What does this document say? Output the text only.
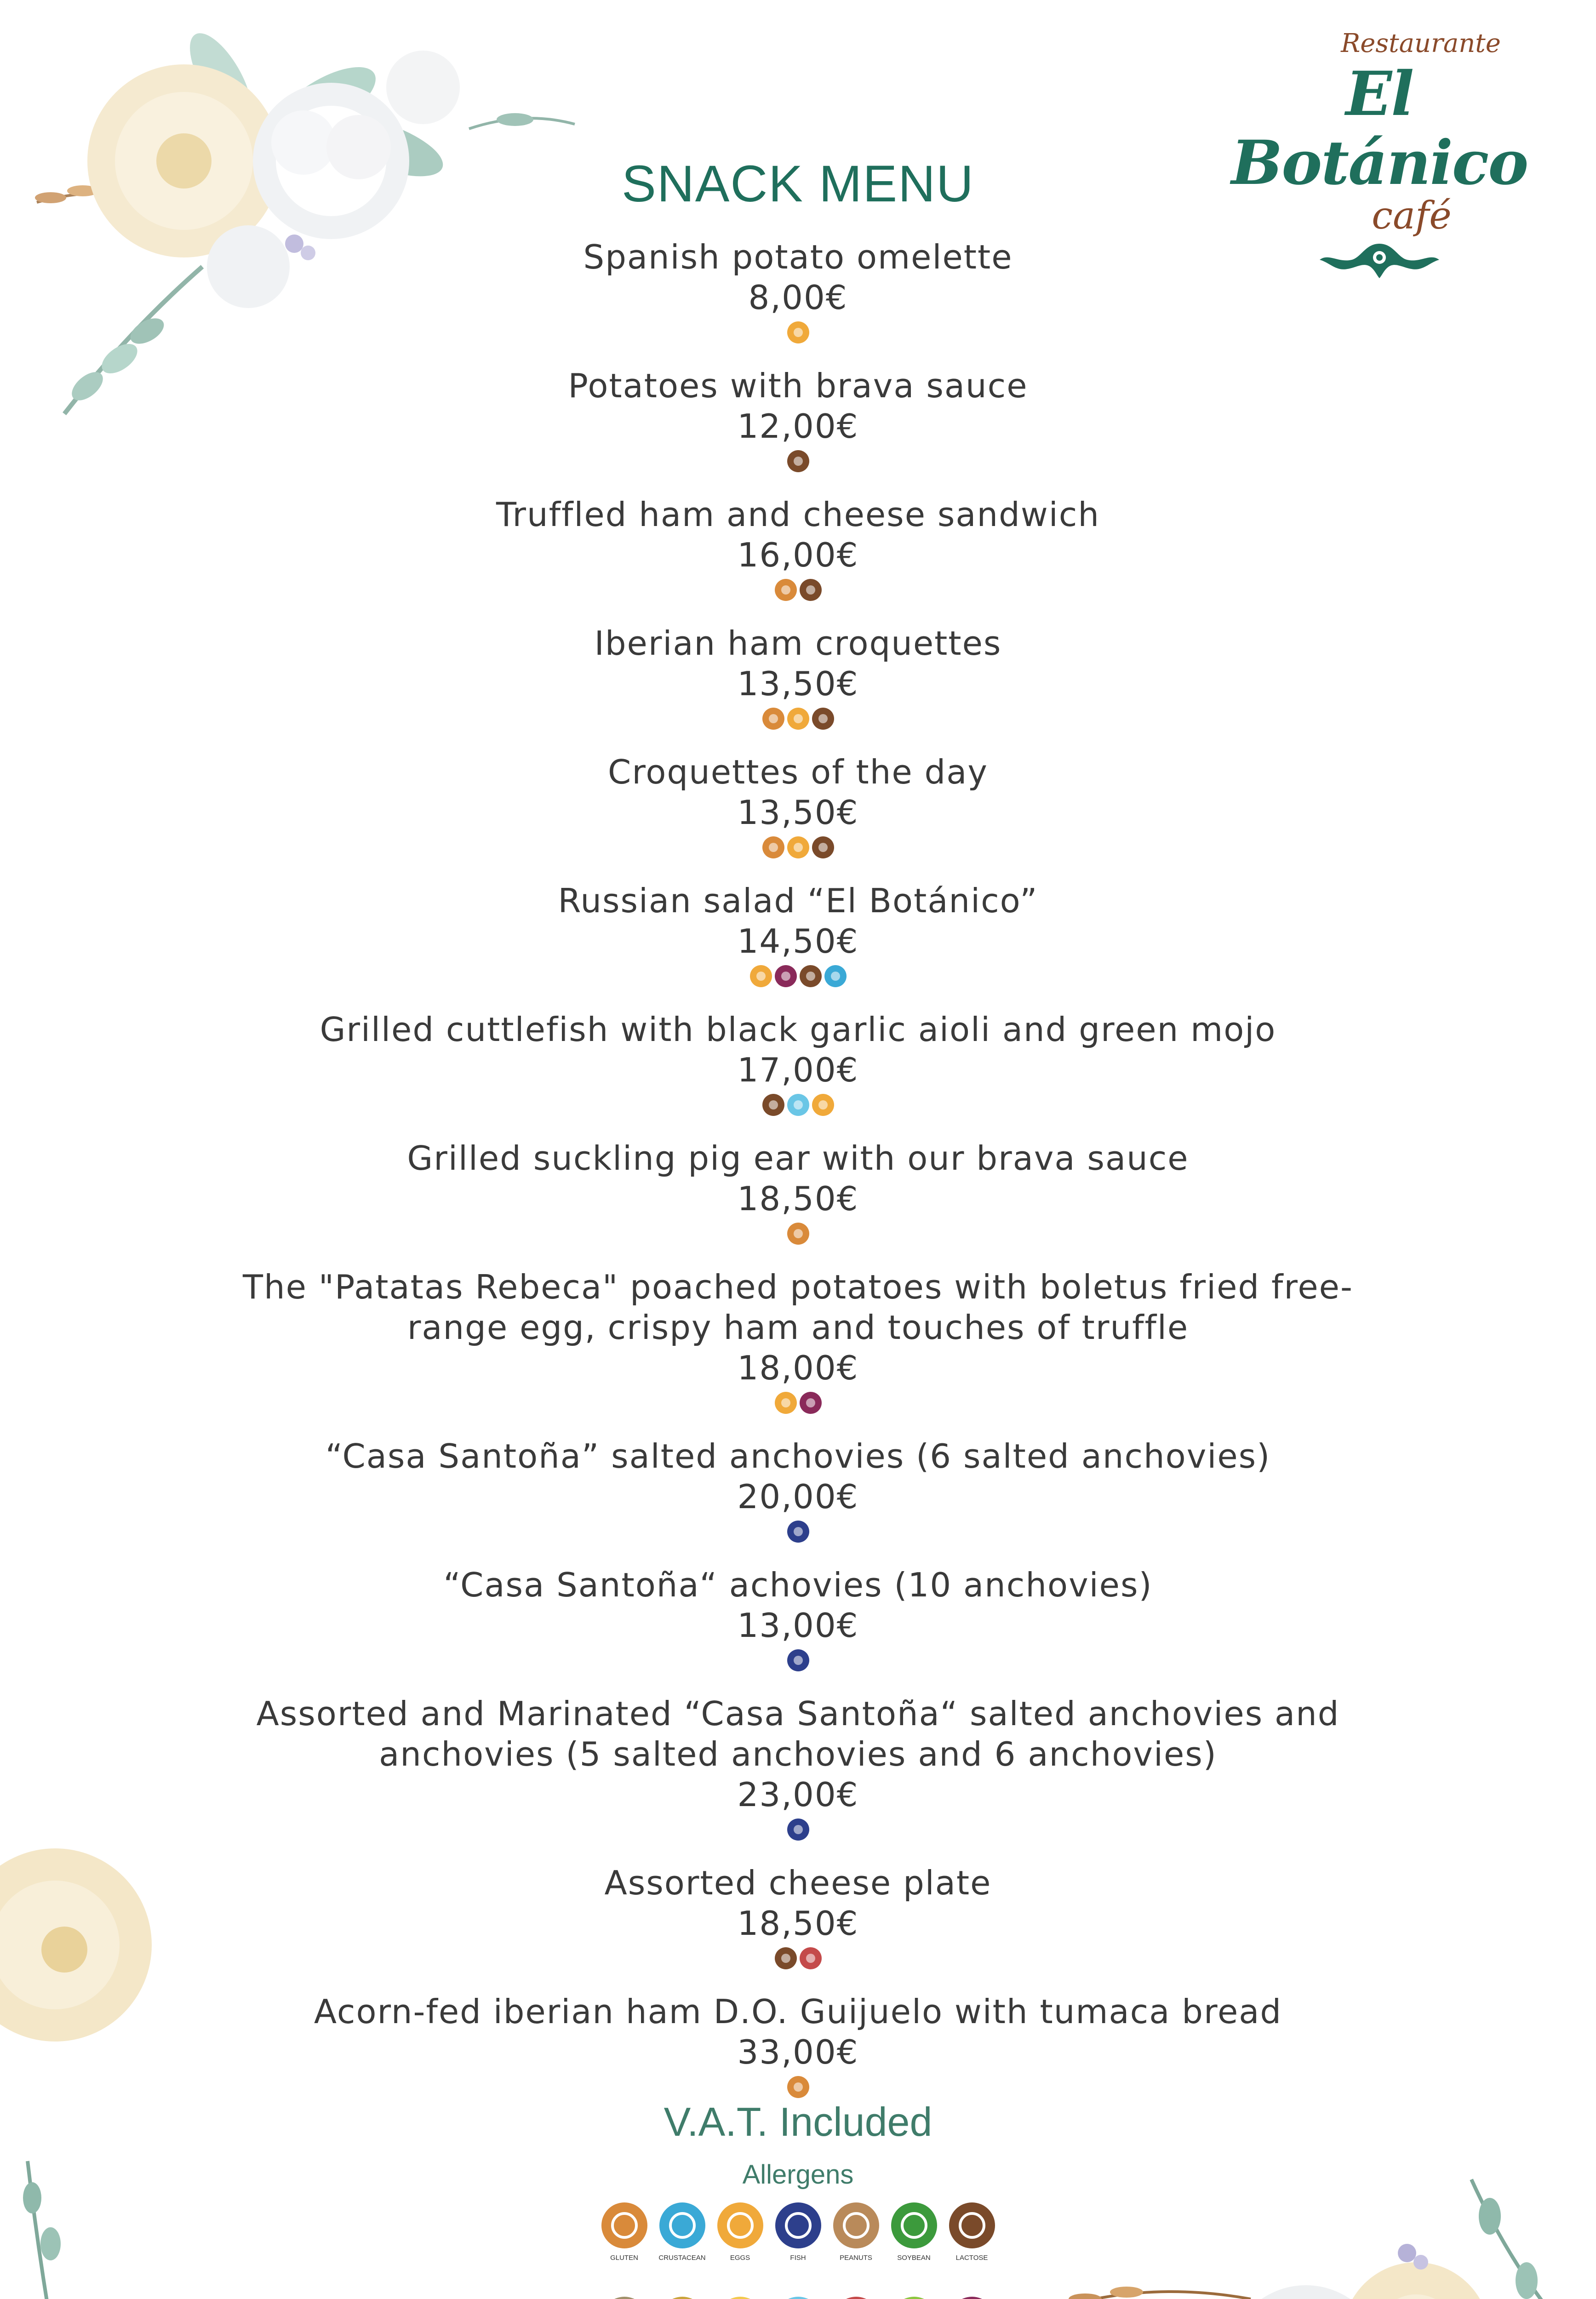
Restaurante
El Botánico
café
SNACK MENU
Spanish potato omelette
8,00€
Potatoes with brava sauce
12,00€
Truffled ham and cheese sandwich
16,00€
Iberian ham croquettes
13,50€
Croquettes of the day
13,50€
Russian salad “El Botánico”
14,50€
Grilled cuttlefish with black garlic aioli and green mojo
17,00€
Grilled suckling pig ear with our brava sauce
18,50€
The "Patatas Rebeca" poached potatoes with boletus fried free-range egg, crispy ham and touches of truffle
18,00€
“Casa Santoña” salted anchovies (6 salted anchovies)
20,00€
“Casa Santoña“ achovies (10 anchovies)
13,00€
Assorted and Marinated “Casa Santoña“ salted anchovies and anchovies (5 salted anchovies and 6 anchovies)
23,00€
Assorted cheese plate
18,50€
Acorn-fed iberian ham D.O. Guijuelo with tumaca bread
33,00€
V.A.T. Included
Allergens
GLUTEN	CRUSTACEAN	EGGS	FISH	PEANUTS	SOYBEAN	LACTOSE
